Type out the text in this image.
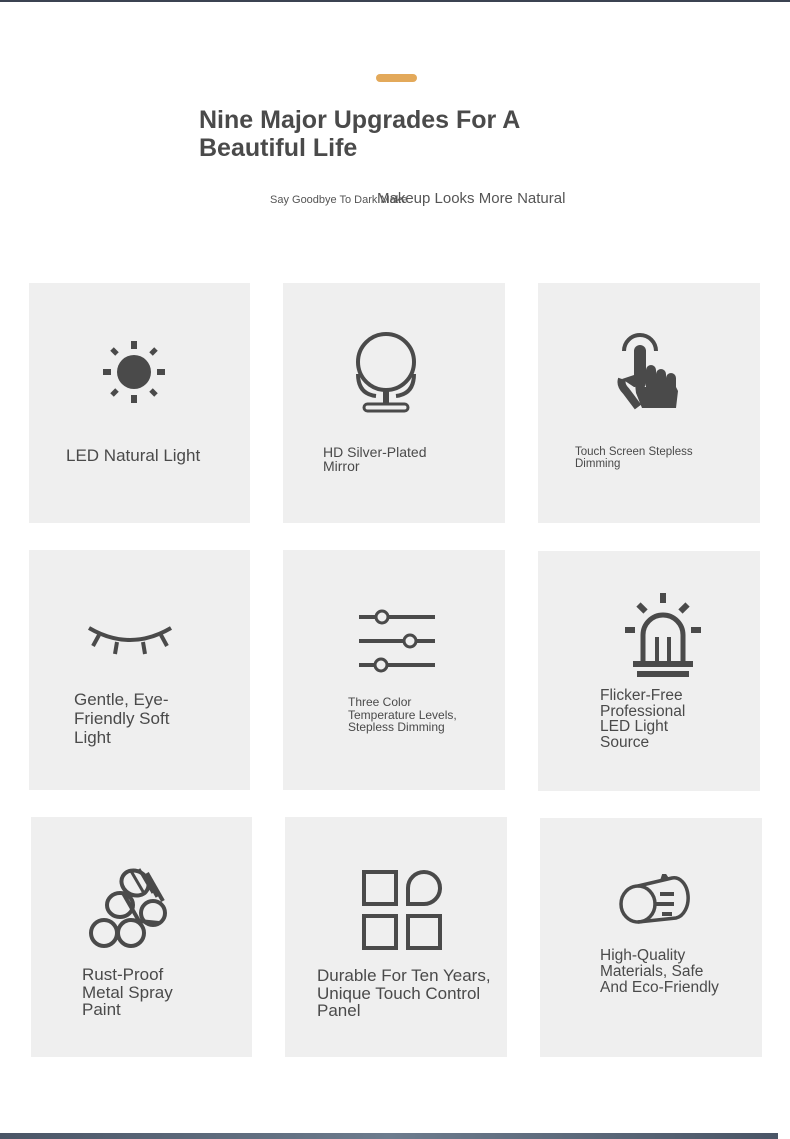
Nine Major Upgrades For A Beautiful Life
Say Goodbye To Dark Make
Makeup Looks More Natural
LED Natural Light	HD Silver-Plated Mirror
Touch Screen Stepless Dimming
Gentle, Eye-Friendly Soft Light
Three Color Temperature Levels, Stepless Dimming
Flicker-Free Professional LED Light Source
Rust-Proof Metal Spray Paint
Durable For Ten Years, Unique Touch Control Panel
High-Quality Materials, Safe And Eco-Friendly
